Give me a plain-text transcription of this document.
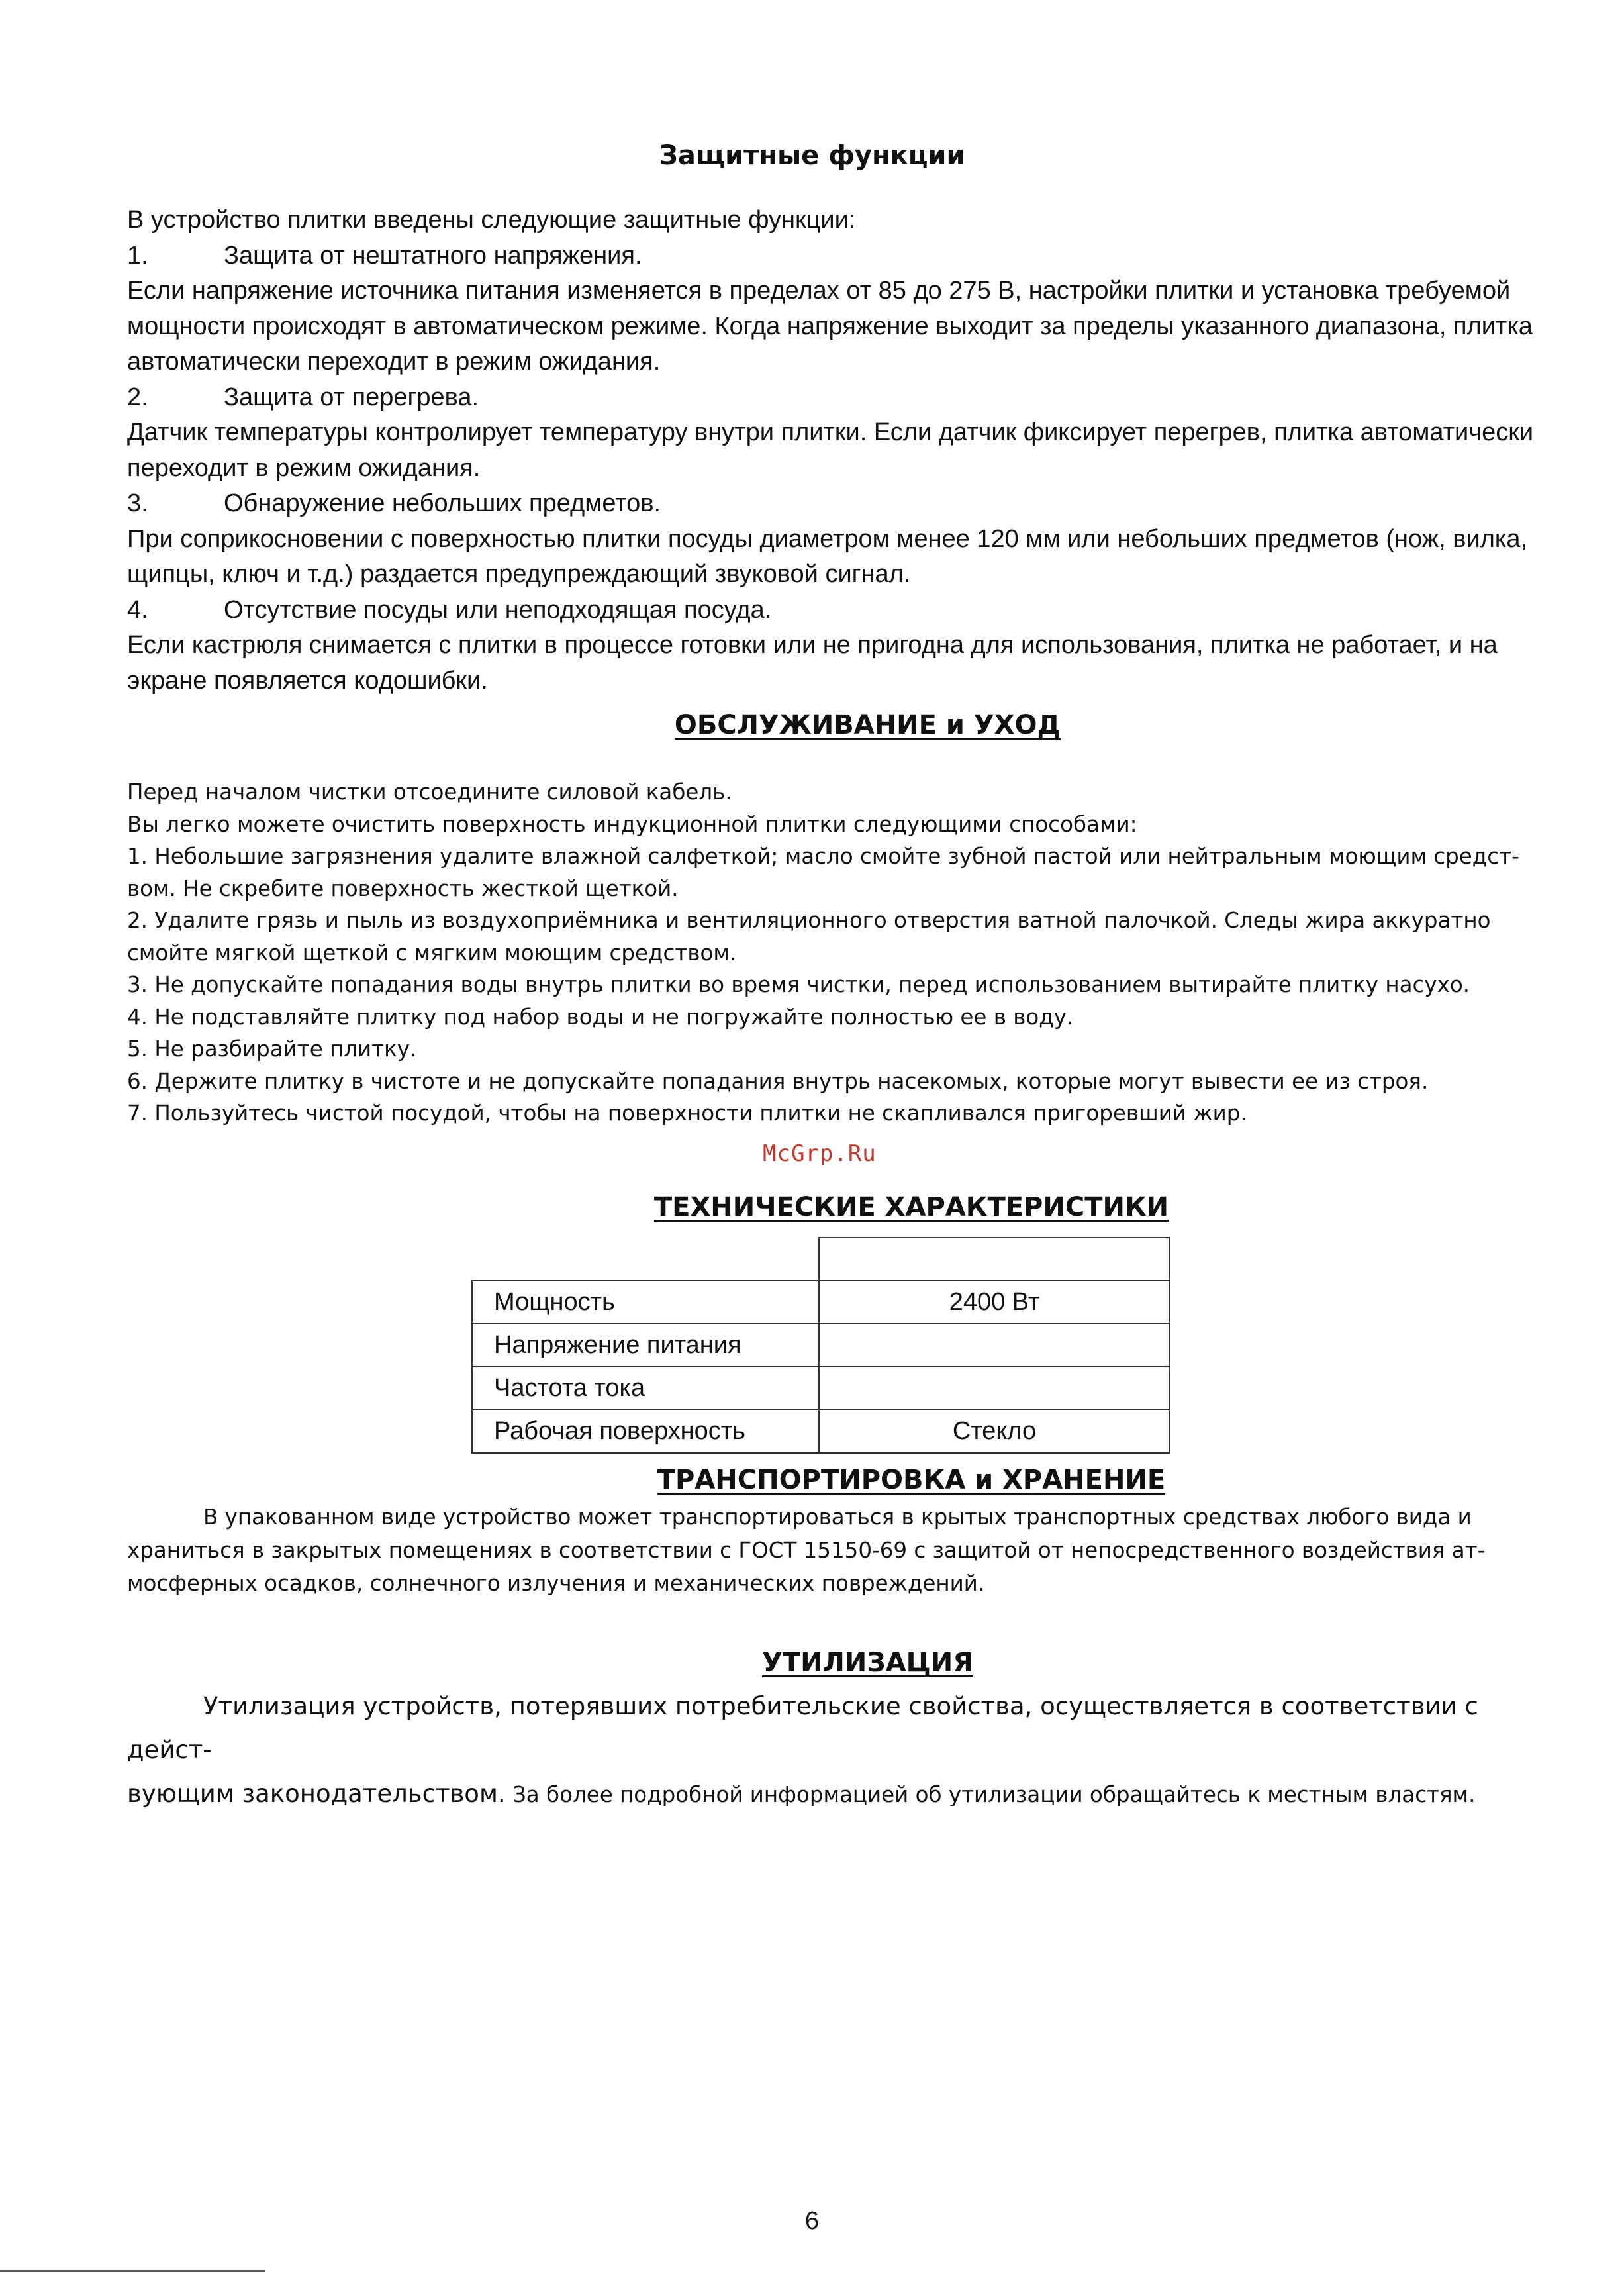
Защитные функции

В устройство плитки введены следующие защитные функции:

1.	Защита от нештатного напряжения.

Если напряжение источника питания изменяется в пределах от 85 до 275 В, настройки плитки и установка требуемой

мощности происходят в автоматическом режиме. Когда напряжение выходит за пределы указанного диапазона, плитка

автоматически переходит в режим ожидания.

2.	Защита от перегрева.

Датчик температуры контролирует температуру внутри плитки. Если датчик фиксирует перегрев, плитка автоматически

переходит в режим ожидания.

3.	Обнаружение небольших предметов.

При соприкосновении с поверхностью плитки посуды диаметром менее 120 мм или небольших предметов (нож, вилка,

щипцы, ключ и т.д.) раздается предупреждающий звуковой сигнал.

4.	Отсутствие посуды или неподходящая посуда.

Если кастрюля снимается с плитки в процессе готовки или не пригодна для использования, плитка не работает, и на

экране появляется кодошибки.

ОБСЛУЖИВАНИЕ и УХОД

Перед началом чистки отсоедините силовой кабель.

Вы легко можете очистить поверхность индукционной плитки следующими способами:

1. Небольшие загрязнения удалите влажной салфеткой; масло смойте зубной пастой или нейтральным моющим средст-

вом. Не скребите поверхность жесткой щеткой.

2. Удалите грязь и пыль из воздухоприёмника и вентиляционного отверстия ватной палочкой. Следы жира аккуратно

смойте мягкой щеткой с мягким моющим средством.

3. Не допускайте попадания воды внутрь плитки во время чистки, перед использованием вытирайте плитку насухо.

4. Не подставляйте плитку под набор воды и не погружайте полностью ее в воду.

5. Не разбирайте плитку.

6. Держите плитку в чистоте и не допускайте попадания внутрь насекомых, которые могут вывести ее из строя.

7. Пользуйтесь чистой посудой, чтобы на поверхности плитки не скапливался пригоревший жир.

McGrp.Ru
ТЕХНИЧЕСКИЕ ХАРАКТЕРИСТИКИ

Мощность	2400 Вт
Напряжение питания	
Частота тока	
Рабочая поверхность	Стекло
ТРАНСПОРТИРОВКА и ХРАНЕНИЕ

В упакованном виде устройство может транспортироваться в крытых транспортных средствах любого вида и

храниться в закрытых помещениях в соответствии с ГОСТ 15150-69 с защитой от непосредственного воздействия ат-

мосферных осадков, солнечного излучения и механических повреждений.

УТИЛИЗАЦИЯ

Утилизация устройств, потерявших потребительские свойства, осуществляется в соответствии с дейст-

вующим законодательством. За более подробной информацией об утилизации обращайтесь к местным властям.

6
